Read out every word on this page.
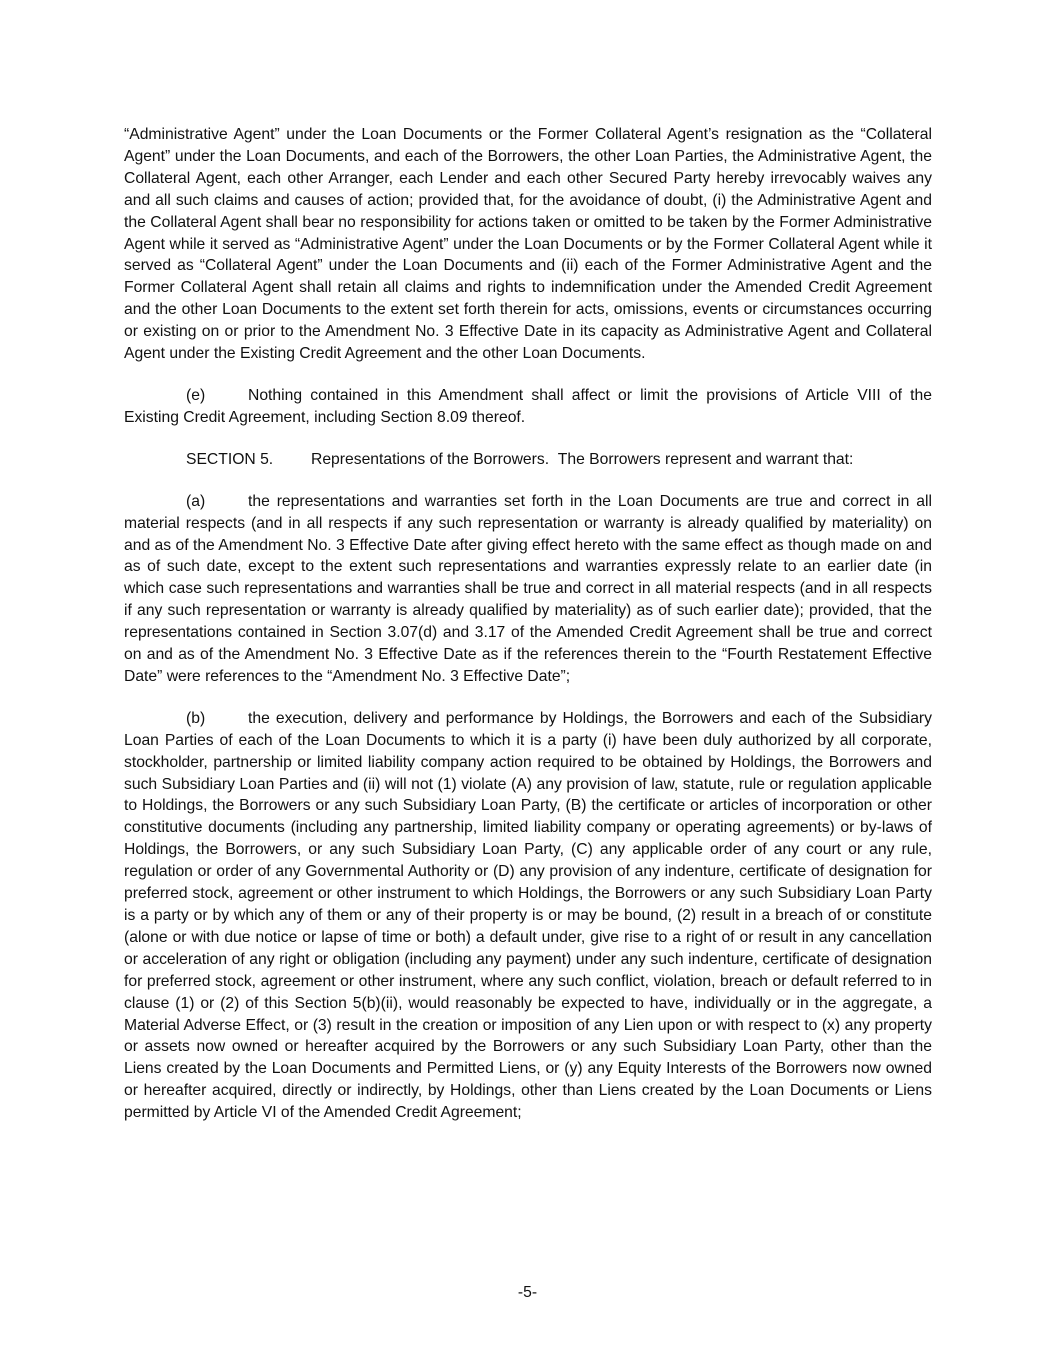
“Administrative Agent” under the Loan Documents or the Former Collateral Agent’s resignation as the “Collateral Agent” under the Loan Documents, and each of the Borrowers, the other Loan Parties, the Administrative Agent, the Collateral Agent, each other Arranger, each Lender and each other Secured Party hereby irrevocably waives any and all such claims and causes of action; provided that, for the avoidance of doubt, (i) the Administrative Agent and the Collateral Agent shall bear no responsibility for actions taken or omitted to be taken by the Former Administrative Agent while it served as “Administrative Agent” under the Loan Documents or by the Former Collateral Agent while it served as “Collateral Agent” under the Loan Documents and (ii) each of the Former Administrative Agent and the Former Collateral Agent shall retain all claims and rights to indemnification under the Amended Credit Agreement and the other Loan Documents to the extent set forth therein for acts, omissions, events or circumstances occurring or existing on or prior to the Amendment No. 3 Effective Date in its capacity as Administrative Agent and Collateral Agent under the Existing Credit Agreement and the other Loan Documents.

(e)	Nothing contained in this Amendment shall affect or limit the provisions of Article VIII of the Existing Credit Agreement, including Section 8.09 thereof.

SECTION 5. Representations of the Borrowers. The Borrowers represent and warrant that:

(a)	the representations and warranties set forth in the Loan Documents are true and correct in all material respects (and in all respects if any such representation or warranty is already qualified by materiality) on and as of the Amendment No. 3 Effective Date after giving effect hereto with the same effect as though made on and as of such date, except to the extent such representations and warranties expressly relate to an earlier date (in which case such representations and warranties shall be true and correct in all material respects (and in all respects if any such representation or warranty is already qualified by materiality) as of such earlier date); provided, that the representations contained in Section 3.07(d) and 3.17 of the Amended Credit Agreement shall be true and correct on and as of the Amendment No. 3 Effective Date as if the references therein to the “Fourth Restatement Effective Date” were references to the “Amendment No. 3 Effective Date”;

(b)	the execution, delivery and performance by Holdings, the Borrowers and each of the Subsidiary Loan Parties of each of the Loan Documents to which it is a party (i) have been duly authorized by all corporate, stockholder, partnership or limited liability company action required to be obtained by Holdings, the Borrowers and such Subsidiary Loan Parties and (ii) will not (1) violate (A) any provision of law, statute, rule or regulation applicable to Holdings, the Borrowers or any such Subsidiary Loan Party, (B) the certificate or articles of incorporation or other constitutive documents (including any partnership, limited liability company or operating agreements) or by-laws of Holdings, the Borrowers, or any such Subsidiary Loan Party, (C) any applicable order of any court or any rule, regulation or order of any Governmental Authority or (D) any provision of any indenture, certificate of designation for preferred stock, agreement or other instrument to which Holdings, the Borrowers or any such Subsidiary Loan Party is a party or by which any of them or any of their property is or may be bound, (2) result in a breach of or constitute (alone or with due notice or lapse of time or both) a default under, give rise to a right of or result in any cancellation or acceleration of any right or obligation (including any payment) under any such indenture, certificate of designation for preferred stock, agreement or other instrument, where any such conflict, violation, breach or default referred to in clause (1) or (2) of this Section 5(b)(ii), would reasonably be expected to have, individually or in the aggregate, a Material Adverse Effect, or (3) result in the creation or imposition of any Lien upon or with respect to (x) any property or assets now owned or hereafter acquired by the Borrowers or any such Subsidiary Loan Party, other than the Liens created by the Loan Documents and Permitted Liens, or (y) any Equity Interests of the Borrowers now owned or hereafter acquired, directly or indirectly, by Holdings, other than Liens created by the Loan Documents or Liens permitted by Article VI of the Amended Credit Agreement;

-5-
